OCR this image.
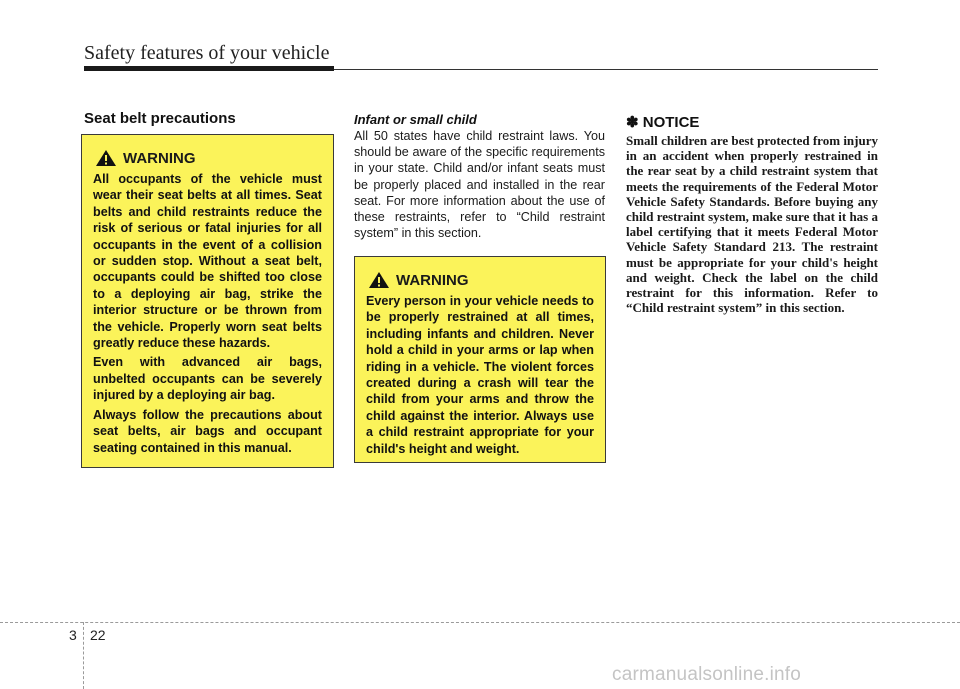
Safety features of your vehicle
Seat belt precautions
WARNING

All occupants of the vehicle must wear their seat belts at all times. Seat belts and child restraints reduce the risk of serious or fatal injuries for all occupants in the event of a collision or sudden stop. Without a seat belt, occupants could be shifted too close to a deploying air bag, strike the interior structure or be thrown from the vehicle. Properly worn seat belts greatly reduce these hazards.

Even with advanced air bags, unbelted occupants can be severely injured by a deploying air bag.

Always follow the precautions about seat belts, air bags and occupant seating contained in this manual.

Infant or small child

All 50 states have child restraint laws. You should be aware of the specific requirements in your state. Child and/or infant seats must be properly placed and installed in the rear seat. For more information about the use of these restraints, refer to “Child restraint system” in this section.

WARNING

Every person in your vehicle needs to be properly restrained at all times, including infants and children. Never hold a child in your arms or lap when riding in a vehicle. The violent forces created during a crash will tear the child from your arms and throw the child against the interior. Always use a child restraint appropriate for your child's height and weight.

✽ NOTICE

Small children are best protected from injury in an accident when properly restrained in the rear seat by a child restraint system that meets the requirements of the Federal Motor Vehicle Safety Standards. Before buying any child restraint system, make sure that it has a label certifying that it meets Federal Motor Vehicle Safety Standard 213. The restraint must be appropriate for your child's height and weight. Check the label on the child restraint for this information. Refer to “Child restraint system” in this section.

3 22
carmanualsonline.info
